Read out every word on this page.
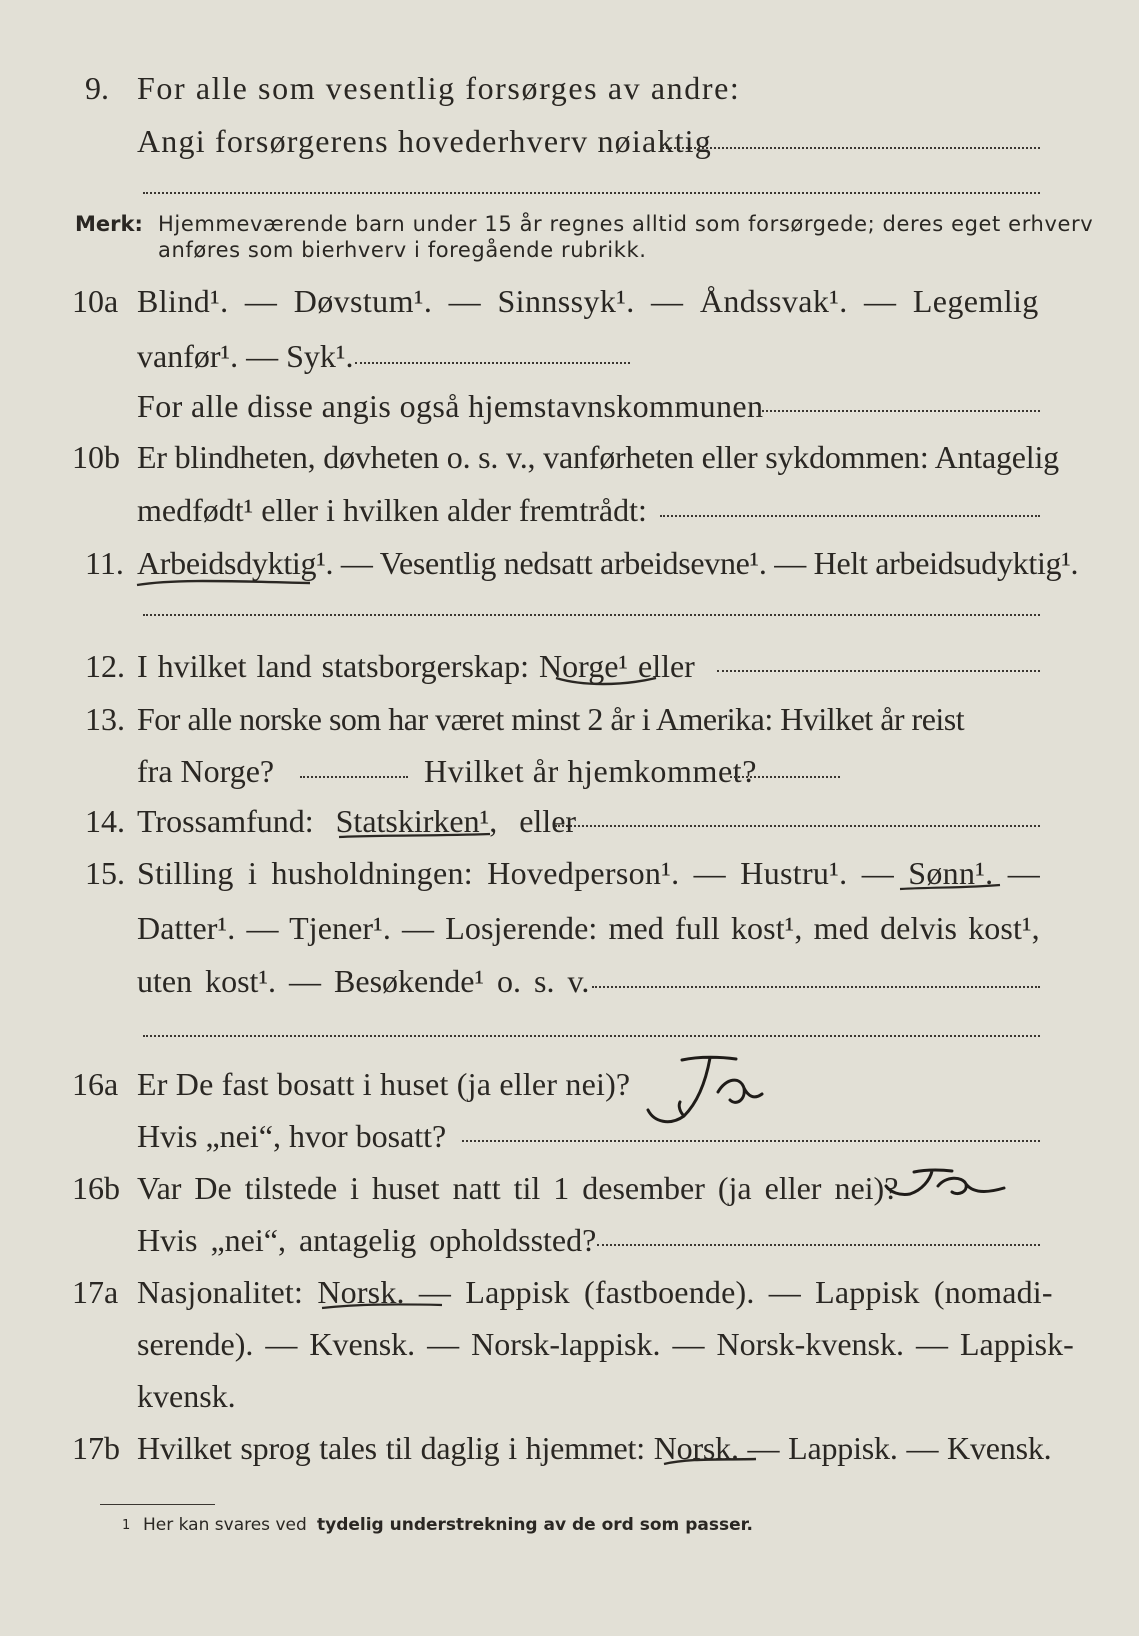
9. For alle som vesentlig forsørges av andre:
Angi forsørgerens hovederhverv nøiaktig
Merk: Hjemmeværende barn under 15 år regnes alltid som forsørgede; deres eget erhverv
anføres som bierhverv i foregående rubrikk.
10a Blind¹. — Døvstum¹. — Sinnssyk¹. — Åndssvak¹. — Legemlig
vanfør¹. — Syk¹.
For alle disse angis også hjemstavnskommunen
10b Er blindheten, døvheten o. s. v., vanførheten eller sykdommen: Antagelig
medfødt¹ eller i hvilken alder fremtrådt:
11. Arbeidsdyktig¹. — Vesentlig nedsatt arbeidsevne¹. — Helt arbeidsudyktig¹.
12. I hvilket land statsborgerskap: Norge¹ eller
13. For alle norske som har været minst 2 år i Amerika: Hvilket år reist
fra Norge?	Hvilket år hjemkommet?
14. Trossamfund: Statskirken¹, eller
15. Stilling i husholdningen: Hovedperson¹. — Hustru¹. — Sønn¹. —
Datter¹. — Tjener¹. — Losjerende: med full kost¹, med delvis kost¹,
uten kost¹. — Besøkende¹ o. s. v.
16a Er De fast bosatt i huset (ja eller nei)?
Ja
Hvis „nei“, hvor bosatt?
16b Var De tilstede i huset natt til 1 desember (ja eller nei)?
Ja
Hvis „nei“, antagelig opholdssted?
17a Nasjonalitet: Norsk. — Lappisk (fastboende). — Lappisk (nomadi-
serende). — Kvensk. — Norsk-lappisk. — Norsk-kvensk. — Lappisk-
kvensk.
17b Hvilket sprog tales til daglig i hjemmet: Norsk. — Lappisk. — Kvensk.
1 Her kan svares ved tydelig understrekning av de ord som passer.
